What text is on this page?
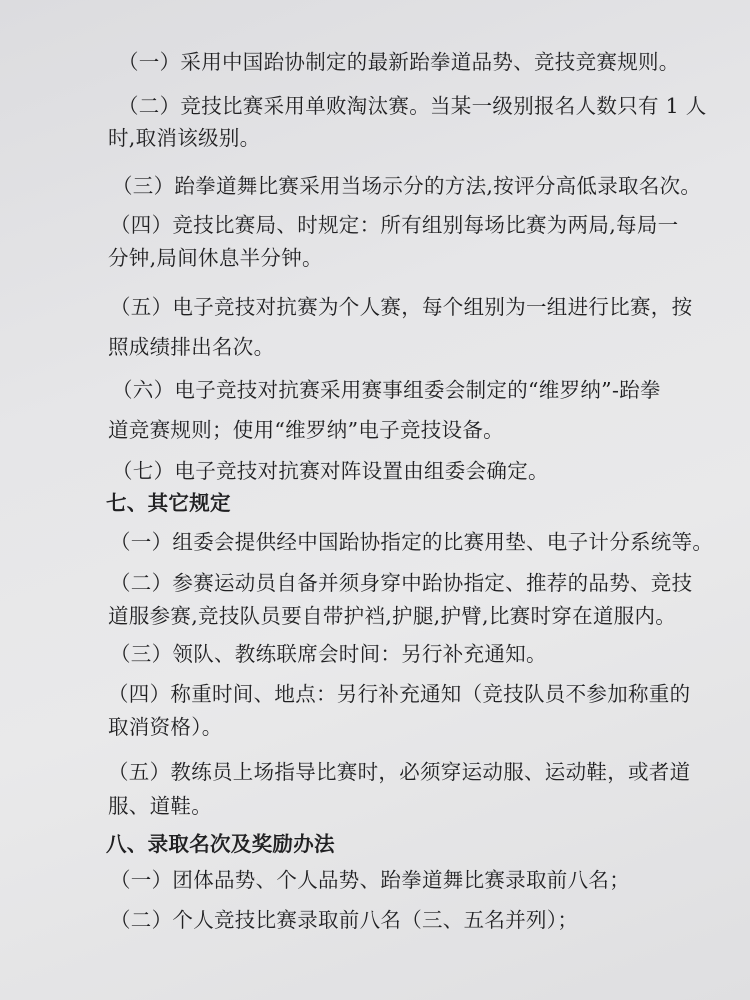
（一）采用中国跆协制定的最新跆拳道品势、竞技竞赛规则。
（二）竞技比赛采用单败淘汰赛。当某一级别报名人数只有 1 人
时,取消该级别。
（三）跆拳道舞比赛采用当场示分的方法,按评分高低录取名次。
（四）竞技比赛局、时规定：所有组别每场比赛为两局,每局一
分钟,局间休息半分钟。
（五）电子竞技对抗赛为个人赛，每个组别为一组进行比赛，按
照成绩排出名次。
（六）电子竞技对抗赛采用赛事组委会制定的“维罗纳”-跆拳
道竞赛规则；使用“维罗纳”电子竞技设备。
（七）电子竞技对抗赛对阵设置由组委会确定。
七、其它规定
（一）组委会提供经中国跆协指定的比赛用垫、电子计分系统等。
（二）参赛运动员自备并须身穿中跆协指定、推荐的品势、竞技
道服参赛,竞技队员要自带护裆,护腿,护臂,比赛时穿在道服内。
（三）领队、教练联席会时间：另行补充通知。
（四）称重时间、地点：另行补充通知（竞技队员不参加称重的
取消资格）。
（五）教练员上场指导比赛时，必须穿运动服、运动鞋，或者道
服、道鞋。
八、录取名次及奖励办法
（一）团体品势、个人品势、跆拳道舞比赛录取前八名；
（二）个人竞技比赛录取前八名（三、五名并列）；
